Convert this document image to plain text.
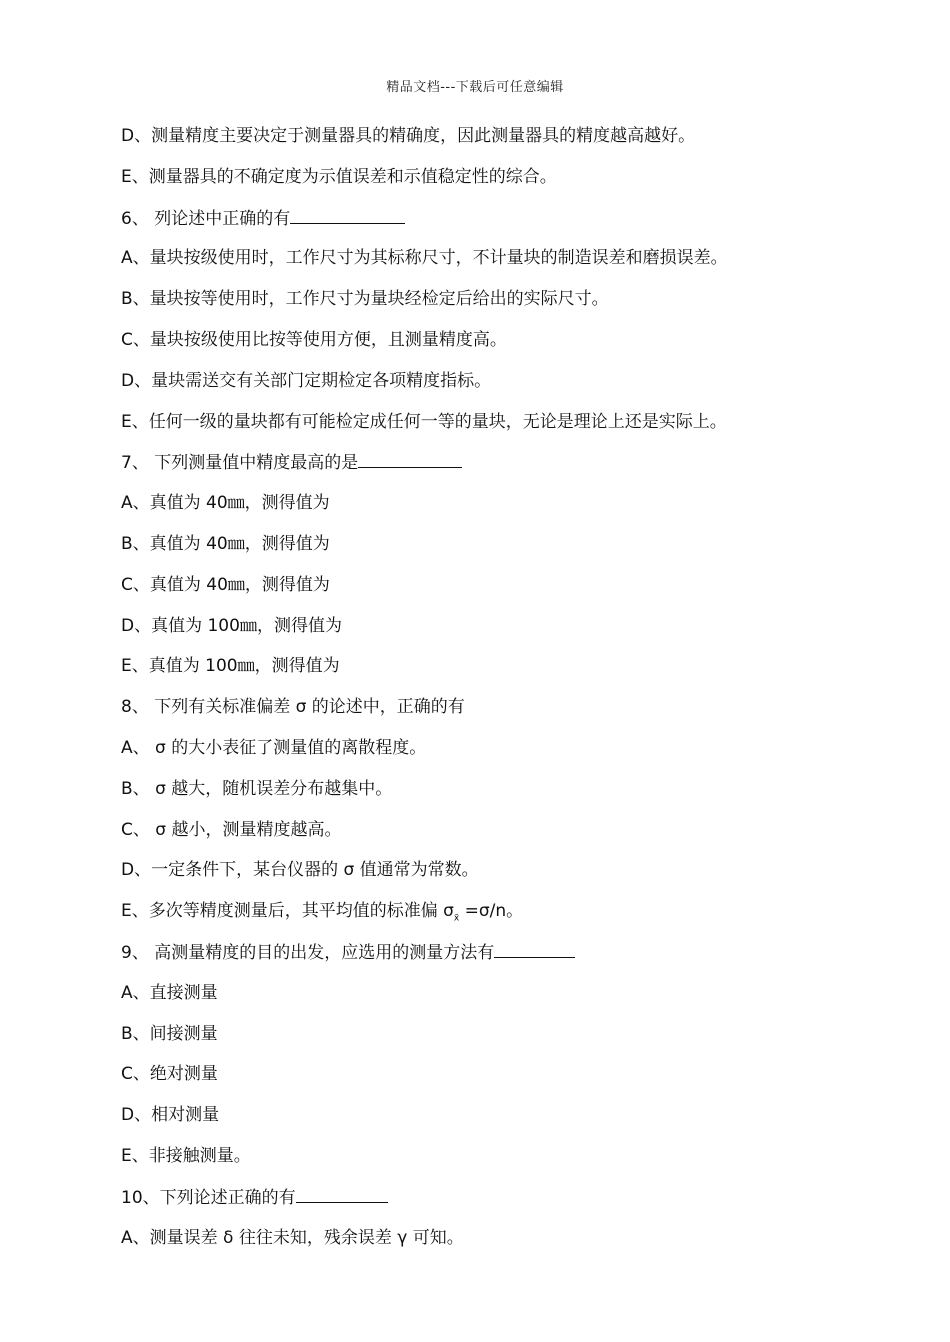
精品文档---下载后可任意编辑
D、测量精度主要决定于测量器具的精确度，因此测量器具的精度越高越好。
E、测量器具的不确定度为示值误差和示值稳定性的综合。
6、 列论述中正确的有
A、量块按级使用时，工作尺寸为其标称尺寸，不计量块的制造误差和磨损误差。
B、量块按等使用时，工作尺寸为量块经检定后给出的实际尺寸。
C、量块按级使用比按等使用方便，且测量精度高。
D、量块需送交有关部门定期检定各项精度指标。
E、任何一级的量块都有可能检定成任何一等的量块，无论是理论上还是实际上。
7、 下列测量值中精度最高的是
A、真值为 40㎜，测得值为
B、真值为 40㎜，测得值为
C、真值为 40㎜，测得值为
D、真值为 100㎜，测得值为
E、真值为 100㎜，测得值为
8、 下列有关标准偏差 σ 的论述中，正确的有
A、 σ 的大小表征了测量值的离散程度。
B、 σ 越大，随机误差分布越集中。
C、 σ 越小，测量精度越高。
D、一定条件下，某台仪器的 σ 值通常为常数。
E、多次等精度测量后，其平均值的标准偏 $\sigma_{x̄} =\sigma/n$。
9、 高测量精度的目的出发，应选用的测量方法有
A、直接测量
B、间接测量
C、绝对测量
D、相对测量
E、非接触测量。
10、下列论述正确的有
A、测量误差 δ 往往未知，残余误差 γ 可知。
